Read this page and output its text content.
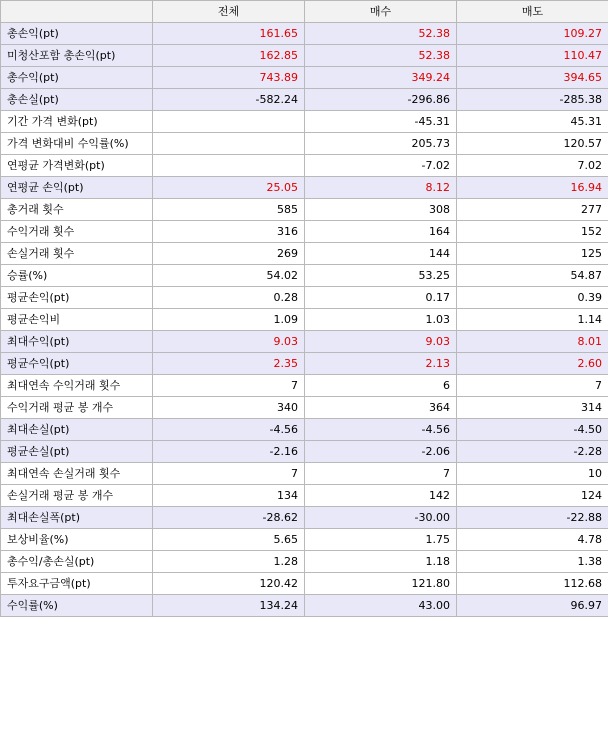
	전체	매수	매도
총손익(pt)	161.65	52.38	109.27
미청산포함 총손익(pt)	162.85	52.38	110.47
총수익(pt)	743.89	349.24	394.65
총손실(pt)	-582.24	-296.86	-285.38
기간 가격 변화(pt)		-45.31	45.31
가격 변화대비 수익률(%)		205.73	120.57
연평균 가격변화(pt)		-7.02	7.02
연평균 손익(pt)	25.05	8.12	16.94
총거래 횟수	585	308	277
수익거래 횟수	316	164	152
손실거래 횟수	269	144	125
승률(%)	54.02	53.25	54.87
평균손익(pt)	0.28	0.17	0.39
평균손익비	1.09	1.03	1.14
최대수익(pt)	9.03	9.03	8.01
평균수익(pt)	2.35	2.13	2.60
최대연속 수익거래 횟수	7	6	7
수익거래 평균 봉 개수	340	364	314
최대손실(pt)	-4.56	-4.56	-4.50
평균손실(pt)	-2.16	-2.06	-2.28
최대연속 손실거래 횟수	7	7	10
손실거래 평균 봉 개수	134	142	124
최대손실폭(pt)	-28.62	-30.00	-22.88
보상비율(%)	5.65	1.75	4.78
총수익/총손실(pt)	1.28	1.18	1.38
투자요구금액(pt)	120.42	121.80	112.68
수익률(%)	134.24	43.00	96.97
